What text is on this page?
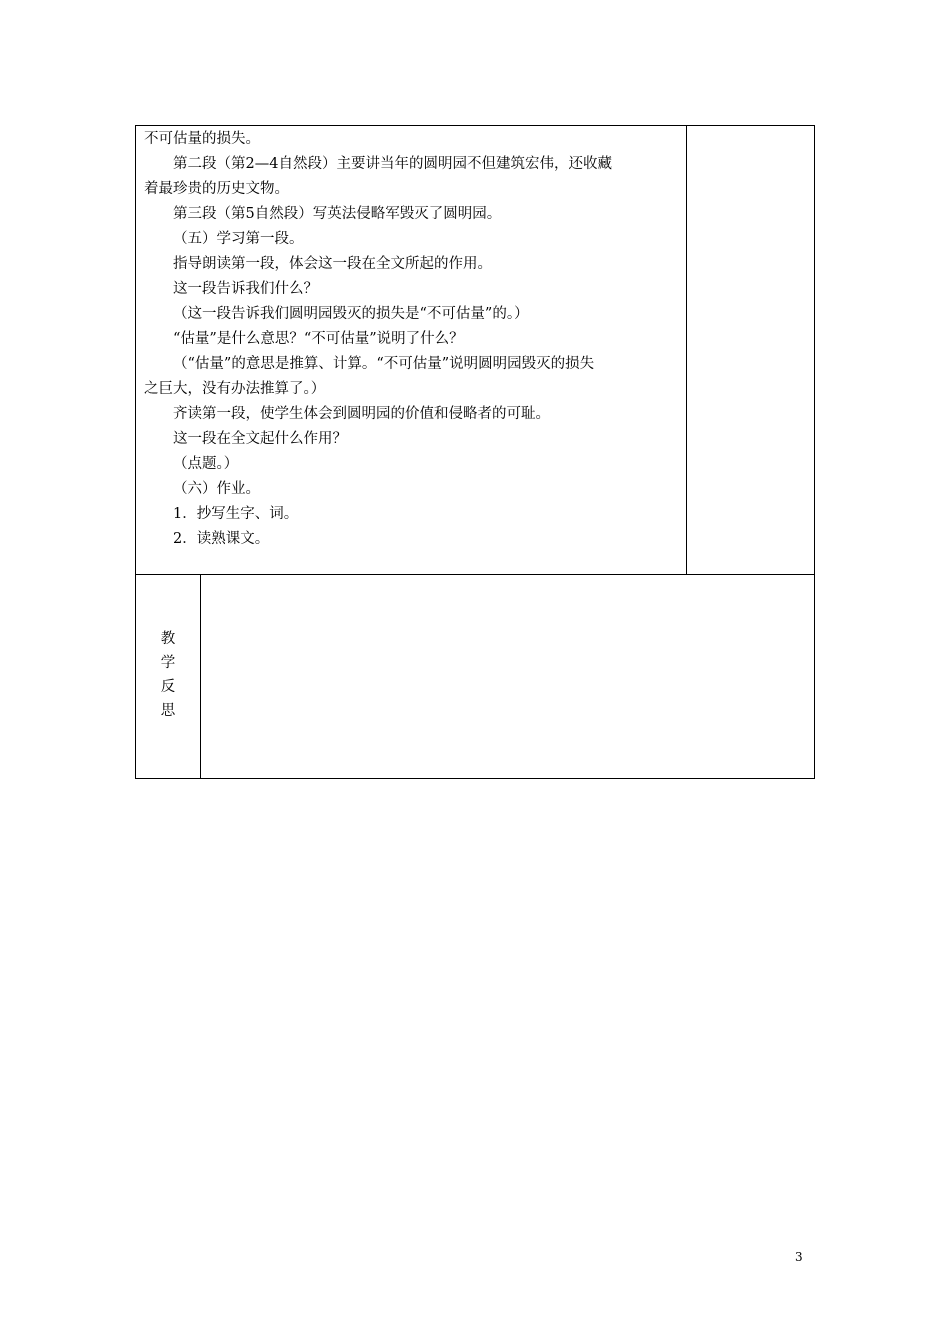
不可估量的损失。
第二段（第2—4自然段）主要讲当年的圆明园不但建筑宏伟，还收藏
着最珍贵的历史文物。
第三段（第5自然段）写英法侵略军毁灭了圆明园。
（五）学习第一段。
指导朗读第一段，体会这一段在全文所起的作用。
这一段告诉我们什么？
（这一段告诉我们圆明园毁灭的损失是“不可估量”的。）
“估量”是什么意思？“不可估量”说明了什么？
（“估量”的意思是推算、计算。“不可估量”说明圆明园毁灭的损失
之巨大，没有办法推算了。）
齐读第一段，使学生体会到圆明园的价值和侵略者的可耻。
这一段在全文起什么作用？
（点题。）
（六）作业。
1．抄写生字、词。
2．读熟课文。
教
学
反
思
3
